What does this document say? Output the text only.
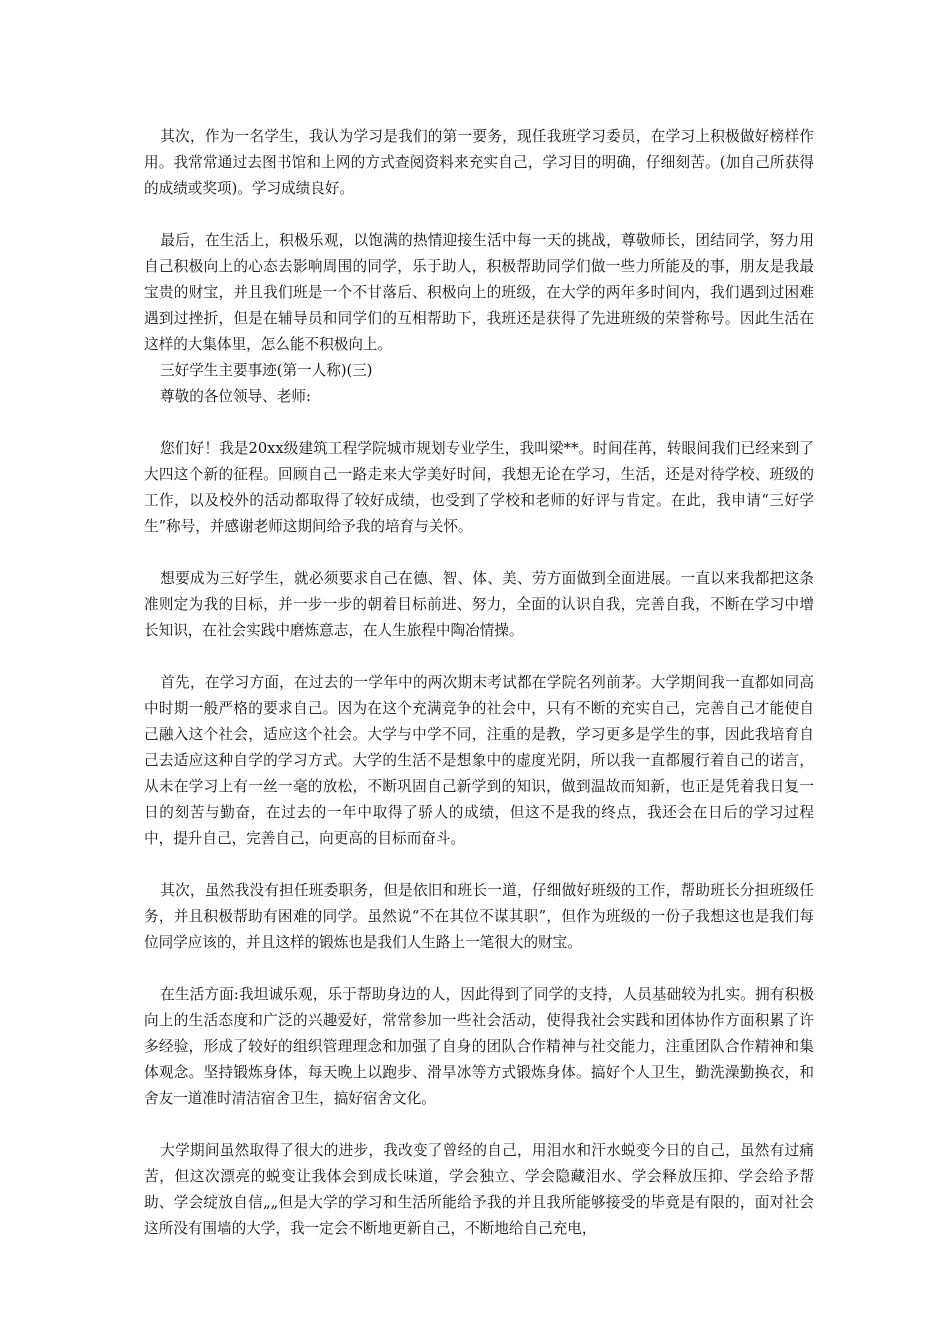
其次，作为一名学生，我认为学习是我们的第一要务，现任我班学习委员，在学习上积极做好榜样作用。我常常通过去图书馆和上网的方式查阅资料来充实自己，学习目的明确，仔细刻苦。(加自己所获得的成绩或奖项)。学习成绩良好。

最后，在生活上，积极乐观，以饱满的热情迎接生活中每一天的挑战，尊敬师长，团结同学，努力用自己积极向上的心态去影响周围的同学，乐于助人，积极帮助同学们做一些力所能及的事，朋友是我最宝贵的财宝，并且我们班是一个不甘落后、积极向上的班级，在大学的两年多时间内，我们遇到过困难遇到过挫折，但是在辅导员和同学们的互相帮助下，我班还是获得了先进班级的荣誉称号。因此生活在这样的大集体里，怎么能不积极向上。

三好学生主要事迹(第一人称)(三)

尊敬的各位领导、老师:

您们好！我是20xx级建筑工程学院城市规划专业学生，我叫梁**。时间荏苒，转眼间我们已经来到了大四这个新的征程。回顾自己一路走来大学美好时间，我想无论在学习，生活，还是对待学校、班级的工作，以及校外的活动都取得了较好成绩，也受到了学校和老师的好评与肯定。在此，我申请“三好学生”称号，并感谢老师这期间给予我的培育与关怀。

想要成为三好学生，就必须要求自己在德、智、体、美、劳方面做到全面进展。一直以来我都把这条准则定为我的目标，并一步一步的朝着目标前进、努力，全面的认识自我，完善自我，不断在学习中增长知识，在社会实践中磨炼意志，在人生旅程中陶冶情操。

首先，在学习方面，在过去的一学年中的两次期末考试都在学院名列前茅。大学期间我一直都如同高中时期一般严格的要求自己。因为在这个充满竞争的社会中，只有不断的充实自己，完善自己才能使自己融入这个社会，适应这个社会。大学与中学不同，注重的是教，学习更多是学生的事，因此我培育自己去适应这种自学的学习方式。大学的生活不是想象中的虚度光阴，所以我一直都履行着自己的诺言，从未在学习上有一丝一毫的放松，不断巩固自己新学到的知识，做到温故而知新，也正是凭着我日复一日的刻苦与勤奋，在过去的一年中取得了骄人的成绩，但这不是我的终点，我还会在日后的学习过程中，提升自己，完善自己，向更高的目标而奋斗。

其次，虽然我没有担任班委职务，但是依旧和班长一道，仔细做好班级的工作，帮助班长分担班级任务，并且积极帮助有困难的同学。虽然说“不在其位不谋其职”，但作为班级的一份子我想这也是我们每位同学应该的，并且这样的锻炼也是我们人生路上一笔很大的财宝。

在生活方面:我坦诚乐观，乐于帮助身边的人，因此得到了同学的支持，人员基础较为扎实。拥有积极向上的生活态度和广泛的兴趣爱好，常常参加一些社会活动，使得我社会实践和团体协作方面积累了许多经验，形成了较好的组织管理理念和加强了自身的团队合作精神与社交能力，注重团队合作精神和集体观念。坚持锻炼身体，每天晚上以跑步、滑旱冰等方式锻炼身体。搞好个人卫生，勤洗澡勤换衣，和舍友一道准时清洁宿舍卫生，搞好宿舍文化。

大学期间虽然取得了很大的进步，我改变了曾经的自己，用泪水和汗水蜕变今日的自己，虽然有过痛苦，但这次漂亮的蜕变让我体会到成长味道，学会独立、学会隐藏泪水、学会释放压抑、学会给予帮助、学会绽放自信„„但是大学的学习和生活所能给予我的并且我所能够接受的毕竟是有限的，面对社会这所没有围墙的大学，我一定会不断地更新自己，不断地给自己充电，
